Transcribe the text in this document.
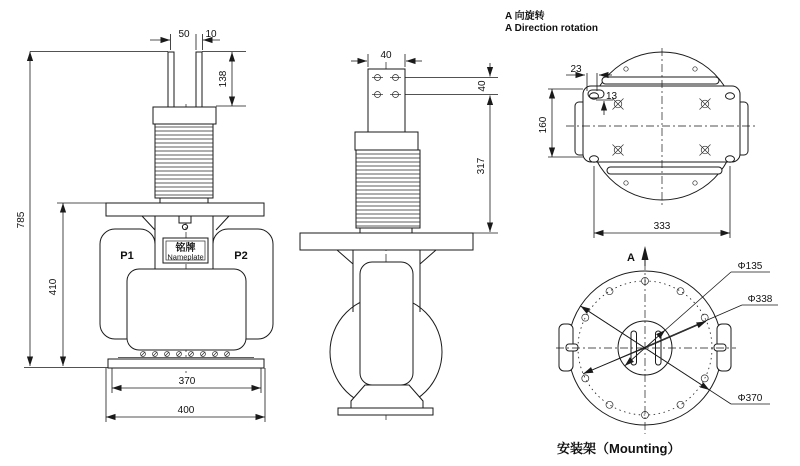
铭牌
Nameplate
P1	P2
785
410
50 10
138
370
400
40
40
317
A 向旋转
A Direction rotation
23
13
160
333
A
Φ135
Φ338
Φ370
安装架（Mounting）
